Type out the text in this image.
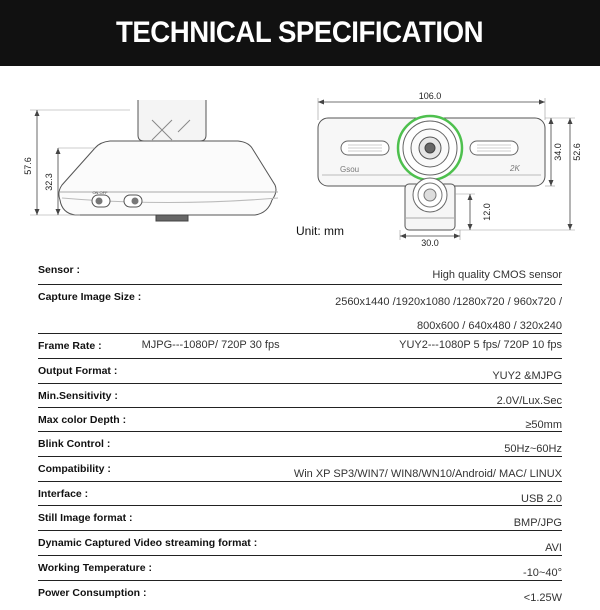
TECHNICAL SPECIFICATION
57.6
32.3
ON OFF
106.0
34.0 52.6
12.0
30.0
Gsou	2K
Unit: mm
Sensor :	High quality CMOS sensor
Capture Image Size :	2560x1440 /1920x1080 /1280x720 / 960x720 /
800x600 / 640x480 / 320x240
Frame Rate :	MJPG---1080P/ 720P 30 fps	YUY2---1080P 5 fps/ 720P 10 fps
Output Format :	YUY2 &MJPG
Min.Sensitivity :	2.0V/Lux.Sec
Max color Depth :	≥50mm
Blink Control :	50Hz~60Hz
Compatibility :	Win XP SP3/WIN7/ WIN8/WN10/Android/ MAC/ LINUX
Interface :	USB 2.0
Still Image format :	BMP/JPG
Dynamic Captured Video streaming format :	AVI
Working Temperature :	-10~40°
Power Consumption :	<1.25W
